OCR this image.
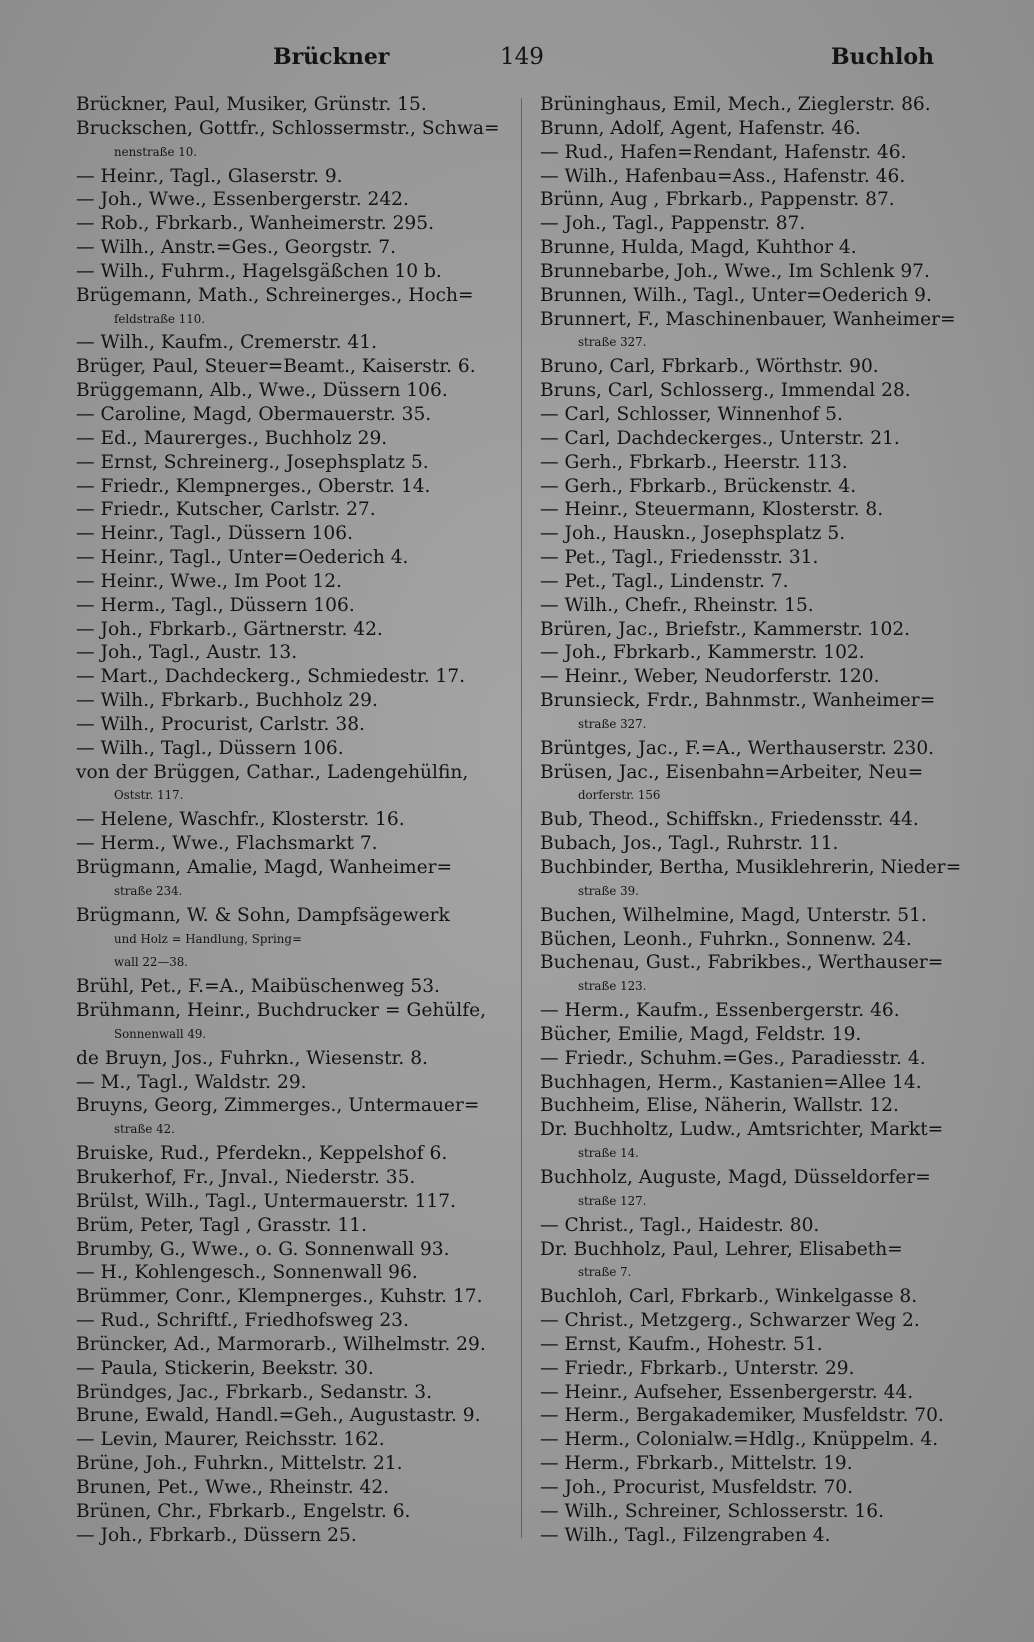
Brückner	149	Buchloh
Brückner, Paul, Musiker, Grünstr. 15.
Bruckschen, Gottfr., Schlossermstr., Schwa=
nenstraße 10.
— Heinr., Tagl., Glaserstr. 9.
— Joh., Wwe., Essenbergerstr. 242.
— Rob., Fbrkarb., Wanheimerstr. 295.
— Wilh., Anstr.=Ges., Georgstr. 7.
— Wilh., Fuhrm., Hagelsgäßchen 10 b.
Brügemann, Math., Schreinerges., Hoch=
feldstraße 110.
— Wilh., Kaufm., Cremerstr. 41.
Brüger, Paul, Steuer=Beamt., Kaiserstr. 6.
Brüggemann, Alb., Wwe., Düssern 106.
— Caroline, Magd, Obermauerstr. 35.
— Ed., Maurerges., Buchholz 29.
— Ernst, Schreinerg., Josephsplatz 5.
— Friedr., Klempnerges., Oberstr. 14.
— Friedr., Kutscher, Carlstr. 27.
— Heinr., Tagl., Düssern 106.
— Heinr., Tagl., Unter=Oederich 4.
— Heinr., Wwe., Im Poot 12.
— Herm., Tagl., Düssern 106.
— Joh., Fbrkarb., Gärtnerstr. 42.
— Joh., Tagl., Austr. 13.
— Mart., Dachdeckerg., Schmiedestr. 17.
— Wilh., Fbrkarb., Buchholz 29.
— Wilh., Procurist, Carlstr. 38.
— Wilh., Tagl., Düssern 106.
von der Brüggen, Cathar., Ladengehülfin,
Oststr. 117.
— Helene, Waschfr., Klosterstr. 16.
— Herm., Wwe., Flachsmarkt 7.
Brügmann, Amalie, Magd, Wanheimer=
straße 234.
Brügmann, W. & Sohn, Dampfsägewerk
und Holz = Handlung, Spring=
wall 22—38.
Brühl, Pet., F.=A., Maibüschenweg 53.
Brühmann, Heinr., Buchdrucker = Gehülfe,
Sonnenwall 49.
de Bruyn, Jos., Fuhrkn., Wiesenstr. 8.
— M., Tagl., Waldstr. 29.
Bruyns, Georg, Zimmerges., Untermauer=
straße 42.
Bruiske, Rud., Pferdekn., Keppelshof 6.
Brukerhof, Fr., Jnval., Niederstr. 35.
Brülst, Wilh., Tagl., Untermauerstr. 117.
Brüm, Peter, Tagl , Grasstr. 11.
Brumby, G., Wwe., o. G. Sonnenwall 93.
— H., Kohlengesch., Sonnenwall 96.
Brümmer, Conr., Klempnerges., Kuhstr. 17.
— Rud., Schriftf., Friedhofsweg 23.
Brüncker, Ad., Marmorarb., Wilhelmstr. 29.
— Paula, Stickerin, Beekstr. 30.
Bründges, Jac., Fbrkarb., Sedanstr. 3.
Brune, Ewald, Handl.=Geh., Augustastr. 9.
— Levin, Maurer, Reichsstr. 162.
Brüne, Joh., Fuhrkn., Mittelstr. 21.
Brunen, Pet., Wwe., Rheinstr. 42.
Brünen, Chr., Fbrkarb., Engelstr. 6.
— Joh., Fbrkarb., Düssern 25.
Brüninghaus, Emil, Mech., Zieglerstr. 86.
Brunn, Adolf, Agent, Hafenstr. 46.
— Rud., Hafen=Rendant, Hafenstr. 46.
— Wilh., Hafenbau=Ass., Hafenstr. 46.
Brünn, Aug , Fbrkarb., Pappenstr. 87.
— Joh., Tagl., Pappenstr. 87.
Brunne, Hulda, Magd, Kuhthor 4.
Brunnebarbe, Joh., Wwe., Im Schlenk 97.
Brunnen, Wilh., Tagl., Unter=Oederich 9.
Brunnert, F., Maschinenbauer, Wanheimer=
straße 327.
Bruno, Carl, Fbrkarb., Wörthstr. 90.
Bruns, Carl, Schlosserg., Immendal 28.
— Carl, Schlosser, Winnenhof 5.
— Carl, Dachdeckerges., Unterstr. 21.
— Gerh., Fbrkarb., Heerstr. 113.
— Gerh., Fbrkarb., Brückenstr. 4.
— Heinr., Steuermann, Klosterstr. 8.
— Joh., Hauskn., Josephsplatz 5.
— Pet., Tagl., Friedensstr. 31.
— Pet., Tagl., Lindenstr. 7.
— Wilh., Chefr., Rheinstr. 15.
Brüren, Jac., Briefstr., Kammerstr. 102.
— Joh., Fbrkarb., Kammerstr. 102.
— Heinr., Weber, Neudorferstr. 120.
Brunsieck, Frdr., Bahnmstr., Wanheimer=
straße 327.
Brüntges, Jac., F.=A., Werthauserstr. 230.
Brüsen, Jac., Eisenbahn=Arbeiter, Neu=
dorferstr. 156
Bub, Theod., Schiffskn., Friedensstr. 44.
Bubach, Jos., Tagl., Ruhrstr. 11.
Buchbinder, Bertha, Musiklehrerin, Nieder=
straße 39.
Buchen, Wilhelmine, Magd, Unterstr. 51.
Büchen, Leonh., Fuhrkn., Sonnenw. 24.
Buchenau, Gust., Fabrikbes., Werthauser=
straße 123.
— Herm., Kaufm., Essenbergerstr. 46.
Bücher, Emilie, Magd, Feldstr. 19.
— Friedr., Schuhm.=Ges., Paradiesstr. 4.
Buchhagen, Herm., Kastanien=Allee 14.
Buchheim, Elise, Näherin, Wallstr. 12.
Dr. Buchholtz, Ludw., Amtsrichter, Markt=
straße 14.
Buchholz, Auguste, Magd, Düsseldorfer=
straße 127.
— Christ., Tagl., Haidestr. 80.
Dr. Buchholz, Paul, Lehrer, Elisabeth=
straße 7.
Buchloh, Carl, Fbrkarb., Winkelgasse 8.
— Christ., Metzgerg., Schwarzer Weg 2.
— Ernst, Kaufm., Hohestr. 51.
— Friedr., Fbrkarb., Unterstr. 29.
— Heinr., Aufseher, Essenbergerstr. 44.
— Herm., Bergakademiker, Musfeldstr. 70.
— Herm., Colonialw.=Hdlg., Knüppelm. 4.
— Herm., Fbrkarb., Mittelstr. 19.
— Joh., Procurist, Musfeldstr. 70.
— Wilh., Schreiner, Schlosserstr. 16.
— Wilh., Tagl., Filzengraben 4.
